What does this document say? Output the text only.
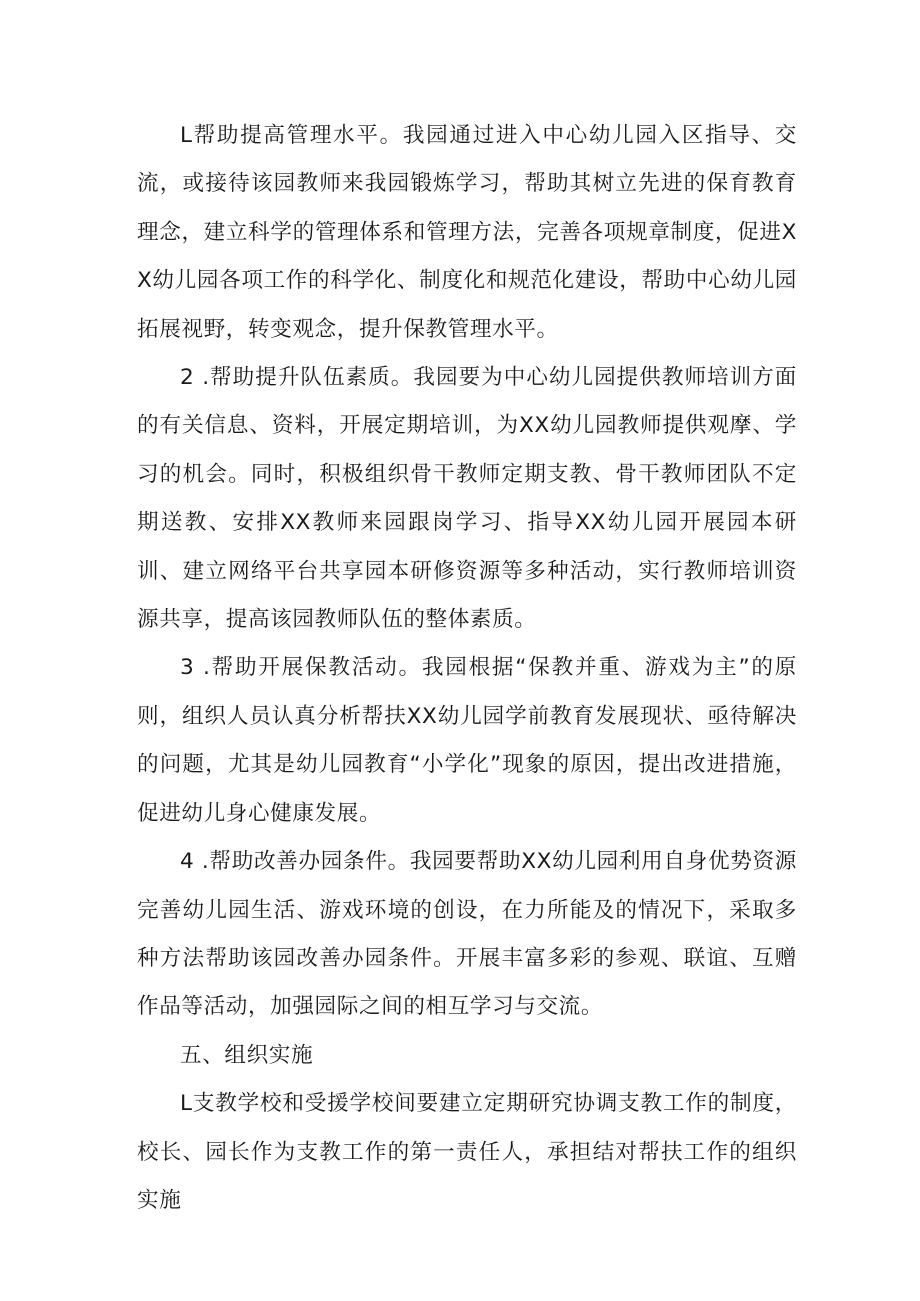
L帮助提高管理水平。我园通过进入中心幼儿园入区指导、交流，或接待该园教师来我园锻炼学习，帮助其树立先进的保育教育理念，建立科学的管理体系和管理方法，完善各项规章制度，促进XX幼儿园各项工作的科学化、制度化和规范化建设，帮助中心幼儿园拓展视野，转变观念，提升保教管理水平。

2 .帮助提升队伍素质。我园要为中心幼儿园提供教师培训方面的有关信息、资料，开展定期培训，为XX幼儿园教师提供观摩、学习的机会。同时，积极组织骨干教师定期支教、骨干教师团队不定期送教、安排XX教师来园跟岗学习、指导XX幼儿园开展园本研训、建立网络平台共享园本研修资源等多种活动，实行教师培训资源共享，提高该园教师队伍的整体素质。

3 .帮助开展保教活动。我园根据“保教并重、游戏为主”的原则，组织人员认真分析帮扶XX幼儿园学前教育发展现状、亟待解决的问题，尤其是幼儿园教育“小学化”现象的原因，提出改进措施，促进幼儿身心健康发展。

4 .帮助改善办园条件。我园要帮助XX幼儿园利用自身优势资源完善幼儿园生活、游戏环境的创设，在力所能及的情况下，采取多种方法帮助该园改善办园条件。开展丰富多彩的参观、联谊、互赠作品等活动，加强园际之间的相互学习与交流。

五、组织实施

L支教学校和受援学校间要建立定期研究协调支教工作的制度，校长、园长作为支教工作的第一责任人，承担结对帮扶工作的组织实施
